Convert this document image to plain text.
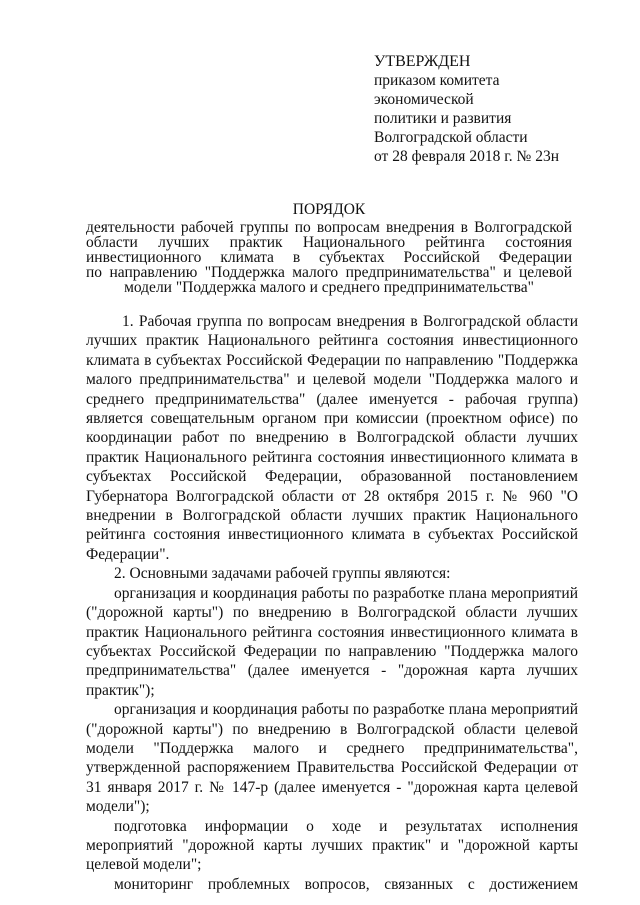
УТВЕРЖДЕН
приказом комитета
экономической
политики и развития
Волгоградской области
от 28 февраля 2018 г. № 23н
ПОРЯДОК
деятельности рабочей группы по вопросам внедрения в Волгоградской
области лучших практик Национального рейтинга состояния
инвестиционного климата в субъектах Российской Федерации
по направлению "Поддержка малого предпринимательства" и целевой
модели "Поддержка малого и среднего предпринимательства"
1. Рабочая группа по вопросам внедрения в Волгоградской области
лучших практик Национального рейтинга состояния инвестиционного
климата в субъектах Российской Федерации по направлению "Поддержка
малого предпринимательства" и целевой модели "Поддержка малого и
среднего предпринимательства" (далее именуется - рабочая группа)
является совещательным органом при комиссии (проектном офисе) по
координации работ по внедрению в Волгоградской области лучших
практик Национального рейтинга состояния инвестиционного климата в
субъектах Российской Федерации, образованной постановлением
Губернатора Волгоградской области от 28 октября 2015 г. № 960 "О
внедрении в Волгоградской области лучших практик Национального
рейтинга состояния инвестиционного климата в субъектах Российской
Федерации".
2. Основными задачами рабочей группы являются:
организация и координация работы по разработке плана мероприятий
("дорожной карты") по внедрению в Волгоградской области лучших
практик Национального рейтинга состояния инвестиционного климата в
субъектах Российской Федерации по направлению "Поддержка малого
предпринимательства" (далее именуется - "дорожная карта лучших
практик");
организация и координация работы по разработке плана мероприятий
("дорожной карты") по внедрению в Волгоградской области целевой
модели "Поддержка малого и среднего предпринимательства",
утвержденной распоряжением Правительства Российской Федерации от
31 января 2017 г. № 147-р (далее именуется - "дорожная карта целевой
модели");
подготовка информации о ходе и результатах исполнения
мероприятий "дорожной карты лучших практик" и "дорожной карты
целевой модели";
мониторинг проблемных вопросов, связанных с достижением
